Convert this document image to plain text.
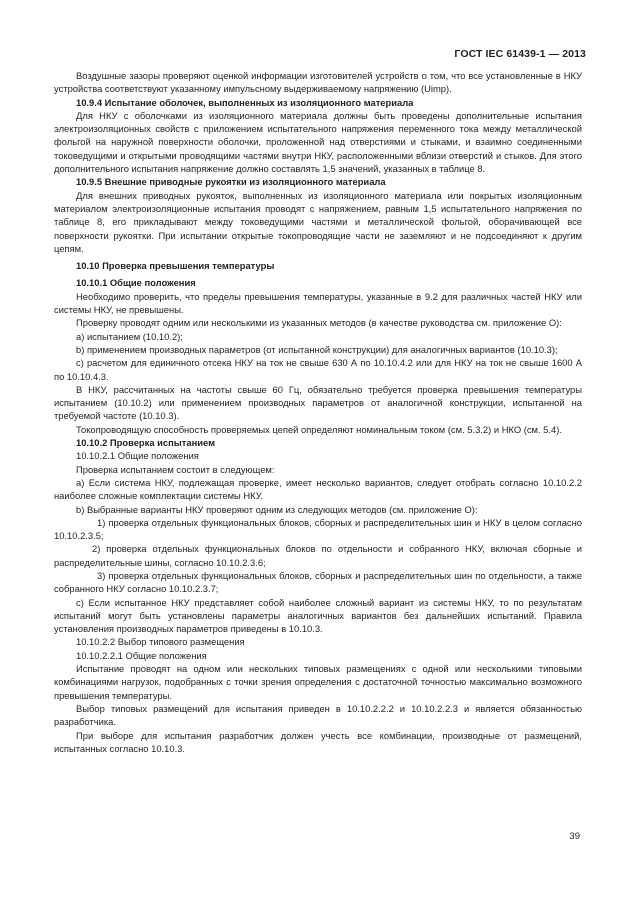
ГОСТ IEC 61439-1 — 2013

Воздушные зазоры проверяют оценкой информации изготовителей устройств о том, что все установленные в НКУ устройства соответствуют указанному импульсному выдерживаемому напряжению (Uimp).

10.9.4 Испытание оболочек, выполненных из изоляционного материала

Для НКУ с оболочками из изоляционного материала должны быть проведены дополнительные испытания электроизоляционных свойств с приложением испытательного напряжения переменного тока между металлической фольгой на наружной поверхности оболочки, проложенной над отверстиями и стыками, и взаимно соединенными токоведущими и открытыми проводящими частями внутри НКУ, расположенными вблизи отверстий и стыков. Для этого дополнительного испытания напряжение должно составлять 1,5 значений, указанных в таблице 8.

10.9.5 Внешние приводные рукоятки из изоляционного материала

Для внешних приводных рукояток, выполненных из изоляционного материала или покрытых изоляционным материалом электроизоляционные испытания проводят с напряжением, равным 1,5 испытательного напряжения по таблице 8, его прикладывают между токоведущими частями и металлической фольгой, оборачивающей все поверхности рукоятки. При испытании открытые токопроводящие части не заземляют и не подсоединяют к другим цепям.

10.10 Проверка превышения температуры

10.10.1 Общие положения

Необходимо проверить, что пределы превышения температуры, указанные в 9.2 для различных частей НКУ или системы НКУ, не превышены.

Проверку проводят одним или несколькими из указанных методов (в качестве руководства см. приложение О):

a) испытанием (10.10.2);

b) применением производных параметров (от испытанной конструкции) для аналогичных вариантов (10.10.3);

c) расчетом для единичного отсека НКУ на ток не свыше 630 А по 10.10.4.2 или для НКУ на ток не свыше 1600 А по 10.10.4.3.

В НКУ, рассчитанных на частоты свыше 60 Гц, обязательно требуется проверка превышения температуры испытанием (10.10.2) или применением производных параметров от аналогичной конструкции, испытанной на требуемой частоте (10.10.3).

Токопроводящую способность проверяемых цепей определяют номинальным током (см. 5.3.2) и НКО (см. 5.4).

10.10.2 Проверка испытанием

10.10.2.1 Общие положения

Проверка испытанием состоит в следующем:

a) Если система НКУ, подлежащая проверке, имеет несколько вариантов, следует отобрать согласно 10.10.2.2 наиболее сложные комплектации системы НКУ.

b) Выбранные варианты НКУ проверяют одним из следующих методов (см. приложение О):

1) проверка отдельных функциональных блоков, сборных и распределительных шин и НКУ в целом согласно 10.10.2.3.5;

2) проверка отдельных функциональных блоков по отдельности и собранного НКУ, включая сборные и распределительные шины, согласно 10.10.2.3.6;

3) проверка отдельных функциональных блоков, сборных и распределительных шин по отдельности, а также собранного НКУ согласно 10.10.2.3.7;

c) Если испытанное НКУ представляет собой наиболее сложный вариант из системы НКУ, то по результатам испытаний могут быть установлены параметры аналогичных вариантов без дальнейших испытаний. Правила установления производных параметров приведены в 10.10.3.

10.10.2.2 Выбор типового размещения

10.10.2.2.1 Общие положения

Испытание проводят на одном или нескольких типовых размещениях с одной или несколькими типовыми комбинациями нагрузок, подобранных с точки зрения определения с достаточной точностью максимально возможного превышения температуры.

Выбор типовых размещений для испытания приведен в 10.10.2.2.2 и 10.10.2.2.3 и является обязанностью разработчика.

При выборе для испытания разработчик должен учесть все комбинации, производные от размещений, испытанных согласно 10.10.3.

39
